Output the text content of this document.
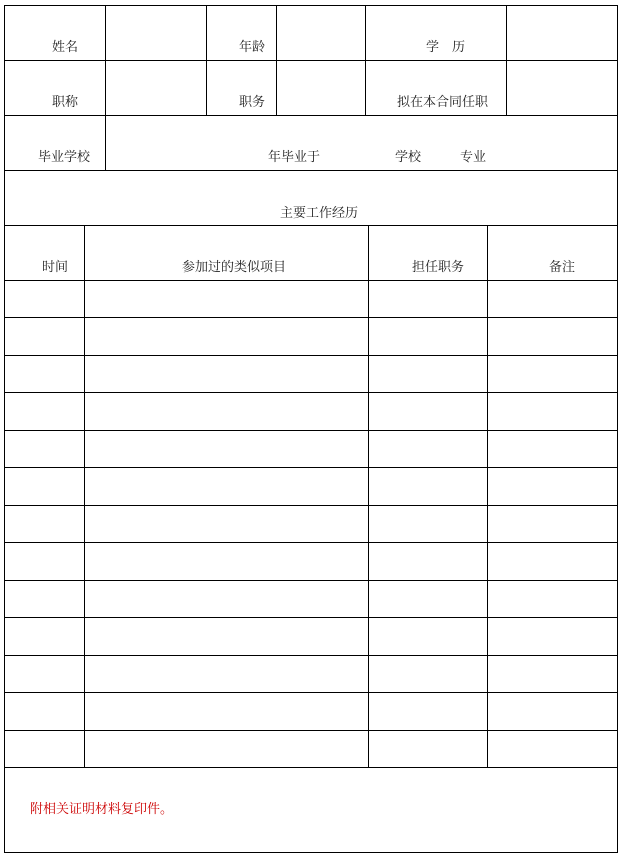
姓名	年龄	学　历
职称	职务	拟在本合同任职
毕业学校	年毕业于	学校	专业
主要工作经历
时间	参加过的类似项目	担任职务	备注
附相关证明材料复印件。
